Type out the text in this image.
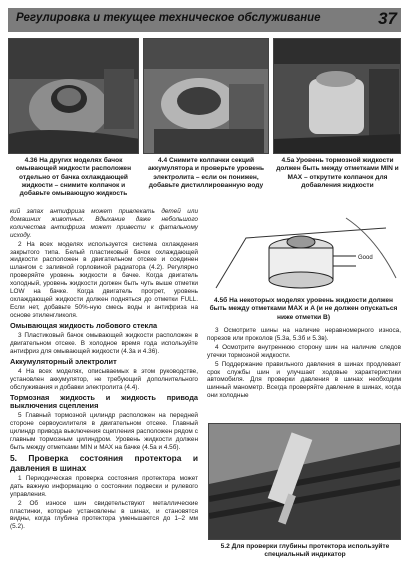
Регулировка и текущее техническое обслуживание	37
4.36 На других моделях бачок омывающей жидкости расположен отдельно от бачка охлаждающей жидкости – снимите колпачок и добавьте омывающую жидкость
4.4 Снимите колпачки секций аккумулятора и проверьте уровень электролита – если он понижен, добавьте дистиллированную воду
4.5а Уровень тормозной жидкости должен быть между отметками MIN и MAX – открутите колпачок для добавления жидкости

кий запах антифриза может привлекать детей или домашних животных. Вдыхание даже небольшого количества антифриза может привести к фатальному исходу.

2 На всех моделях используется система охлаждения закрытого типа. Белый пластиковый бачок охлаждающей жидкости расположен в двигательном отсеке и соединен шлангом с заливной горловиной радиатора (4.2). Регулярно проверяйте уровень жидкости в бачке. Когда двигатель холодный, уровень жидкости должен быть чуть выше отметки LOW на бачке. Когда двигатель прогрет, уровень охлаждающей жидкости должен подняться до отметки FULL. Если нет, добавьте 50%-ную смесь воды и антифриза на основе этиленгликоля.

Омывающая жидкость лобового стекла

3 Пластиковый бачок омывающей жидкости расположен в двигательном отсеке. В холодное время года используйте антифриз для омывающей жидкости (4.3а и 4.36).

Аккумуляторный электролит

4 На всех моделях, описываемых в этом руководстве, установлен аккумулятор, не требующий дополнительного обслуживания и добавки электролита (4.4).

Тормозная жидкость и жидкость привода выключения сцепления

5 Главный тормозной цилиндр расположен на передней стороне сервоусилителя в двигательном отсеке. Главный цилиндр привода выключения сцепления расположен рядом с главным тормозным цилиндром. Уровень жидкости должен быть между отметками MIN и MAX на бачке (4.5а и 4.5б).

5. Проверка состояния протектора и давления в шинах

1 Периодическая проверка состояния протектора может дать важную информацию о состоянии подвески и рулевого управления.

2 Об износе шин свидетельствуют металлические пластинки, которые установлены в шинах, и становятся видны, когда глубина протектора уменьшается до 1–2 мм (5.2).

Good
4.5б На некоторых моделях уровень жидкости должен быть между отметками MAX и A (и не должен опускаться ниже отметки B)

3 Осмотрите шины на наличие неравномерного износа, порезов или проколов (5.3а, 5.3б и 5.3в).

4 Осмотрите внутреннюю сторону шин на наличие следов утечки тормозной жидкости.

5 Поддержание правильного давления в шинах продлевает срок службы шин и улучшает ходовые характеристики автомобиля. Для проверки давления в шинах необходим шинный манометр. Всегда проверяйте давление в шинах, когда они холодные

5.2 Для проверки глубины протектора используйте специальный индикатор
